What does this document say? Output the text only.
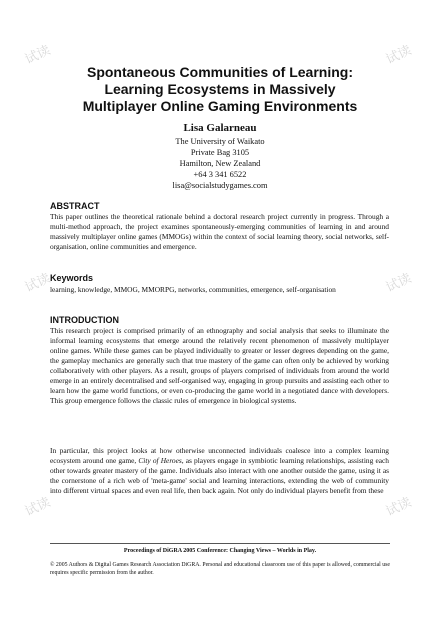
试读	试读
试读	试读
试读	试读
Spontaneous Communities of Learning:
Learning Ecosystems in Massively
Multiplayer Online Gaming Environments
Lisa Galarneau
The University of Waikato
Private Bag 3105
Hamilton, New Zealand
+64 3 341 6522
lisa@socialstudygames.com
ABSTRACT
This paper outlines the theoretical rationale behind a doctoral research project currently in progress. Through a multi-method approach, the project examines spontaneously-emerging communities of learning in and around massively multiplayer online games (MMOGs) within the context of social learning theory, social networks, self-organisation, online communities and emergence.
Keywords
learning, knowledge, MMOG, MMORPG, networks, communities, emergence, self-organisation
INTRODUCTION
This research project is comprised primarily of an ethnography and social analysis that seeks to illuminate the informal learning ecosystems that emerge around the relatively recent phenomenon of massively multiplayer online games. While these games can be played individually to greater or lesser degrees depending on the game, the gameplay mechanics are generally such that true mastery of the game can often only be achieved by working collaboratively with other players. As a result, groups of players comprised of individuals from around the world emerge in an entirely decentralised and self-organised way, engaging in group pursuits and assisting each other to learn how the game world functions, or even co-producing the game world in a negotiated dance with developers. This group emergence follows the classic rules of emergence in biological systems.
In particular, this project looks at how otherwise unconnected individuals coalesce into a complex learning ecosystem around one game, City of Heroes, as players engage in symbiotic learning relationships, assisting each other towards greater mastery of the game. Individuals also interact with one another outside the game, using it as the cornerstone of a rich web of 'meta-game' social and learning interactions, extending the web of community into different virtual spaces and even real life, then back again. Not only do individual players benefit from these
Proceedings of DiGRA 2005 Conference: Changing Views – Worlds in Play.
© 2005 Authors & Digital Games Research Association DiGRA. Personal and educational classroom use of this paper is allowed, commercial use requires specific permission from the author.
